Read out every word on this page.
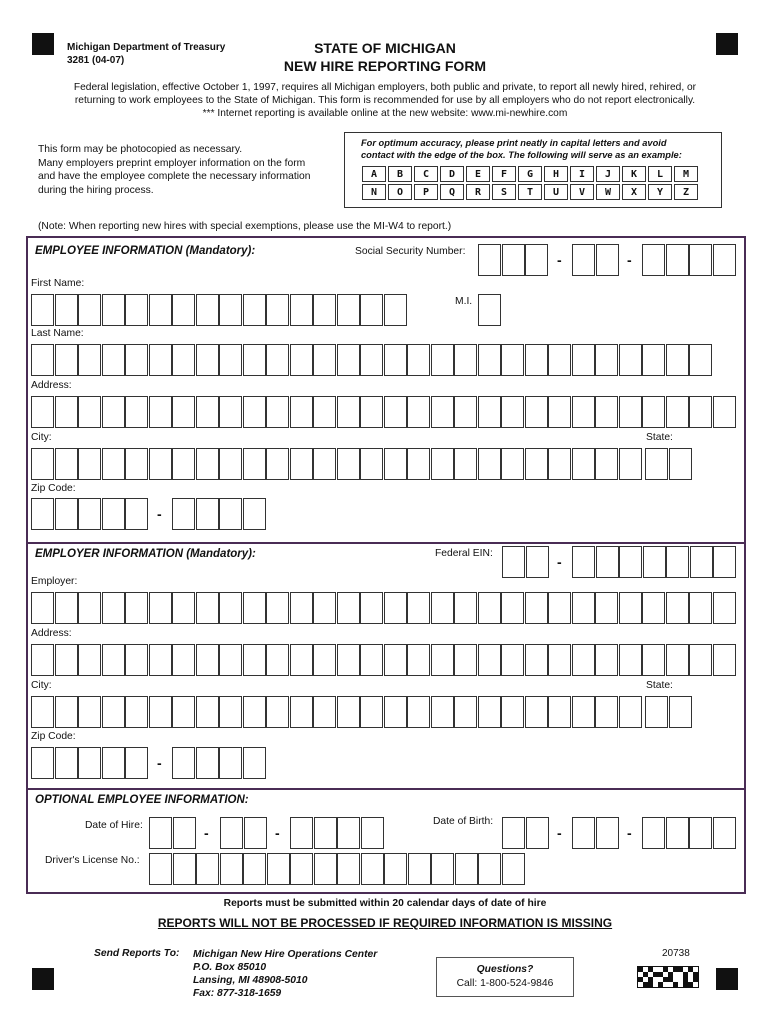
Michigan Department of Treasury
3281 (04-07)
STATE OF MICHIGAN
NEW HIRE REPORTING FORM
Federal legislation, effective October 1, 1997, requires all Michigan employers, both public and private, to report all newly hired, rehired, or
returning to work employees to the State of Michigan. This form is recommended for use by all employers who do not report electronically.
*** Internet reporting is available online at the new website: www.mi-newhire.com
This form may be photocopied as necessary.
Many employers preprint employer information on the form
and have the employee complete the necessary information
during the hiring process.
For optimum accuracy, please print neatly in capital letters and avoid
contact with the edge of the box. The following will serve as an example:
A	B	C	D	E	F	G	H	I	J	K	L	M
N	O	P	Q	R	S	T	U	V	W	X	Y	Z
(Note: When reporting new hires with special exemptions, please use the MI-W4 to report.)
EMPLOYEE INFORMATION (Mandatory):	Social Security Number:
-	-
First Name:
M.I.
Last Name:
Address:
City:	State:
Zip Code:
-
EMPLOYER INFORMATION (Mandatory):	Federal EIN:
-
Employer:
Address:
City:	State:
Zip Code:
-
OPTIONAL EMPLOYEE INFORMATION:
Date of Hire:	-	-
Date of Birth:
-	-
Driver's License No.:
Reports must be submitted within 20 calendar days of date of hire
REPORTS WILL NOT BE PROCESSED IF REQUIRED INFORMATION IS MISSING
Send Reports To: Michigan New Hire Operations Center
P.O. Box 85010
Lansing, MI 48908-5010
Fax: 877-318-1659
Questions?
Call: 1-800-524-9846
20738
